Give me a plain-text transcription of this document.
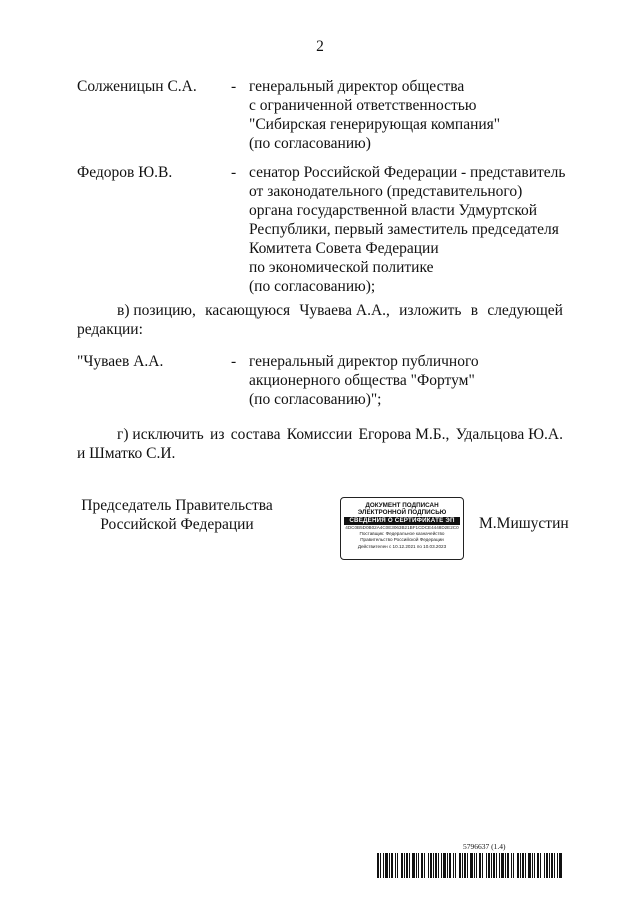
2
Солженицын С.А. - генеральный директор общества
с ограниченной ответственностью
"Сибирская генерирующая компания"
(по согласованию)
Федоров Ю.В.	- сенатор Российской Федерации - представитель
от законодательного (представительного)
органа государственной власти Удмуртской
Республики, первый заместитель председателя
Комитета Совета Федерации
по экономической политике
(по согласованию);
в) позицию, касающуюся Чуваева А.А., изложить в следующей
редакции:
"Чуваев А.А.	- генеральный директор публичного
акционерного общества "Фортум"
(по согласованию)";
г) исключить из состава Комиссии Егорова М.Б., Удальцова Ю.А.
и Шматко С.И.
Председатель Правительства
Российской Федерации
ДОКУМЕНТ ПОДПИСАН
ЭЛЕКТРОННОЙ ПОДПИСЬЮ
СВЕДЕНИЯ О СЕРТИФИКАТЕ ЭП
4DC0B5D0B02A4C0E3063B21BF1CDCE4448D2E2C0
Поставщик: Федеральное казначейство
Правительство Российской Федерации
Действителен с 10.12.2021 по 10.03.2023
М.Мишустин
5796637 (1.4)
